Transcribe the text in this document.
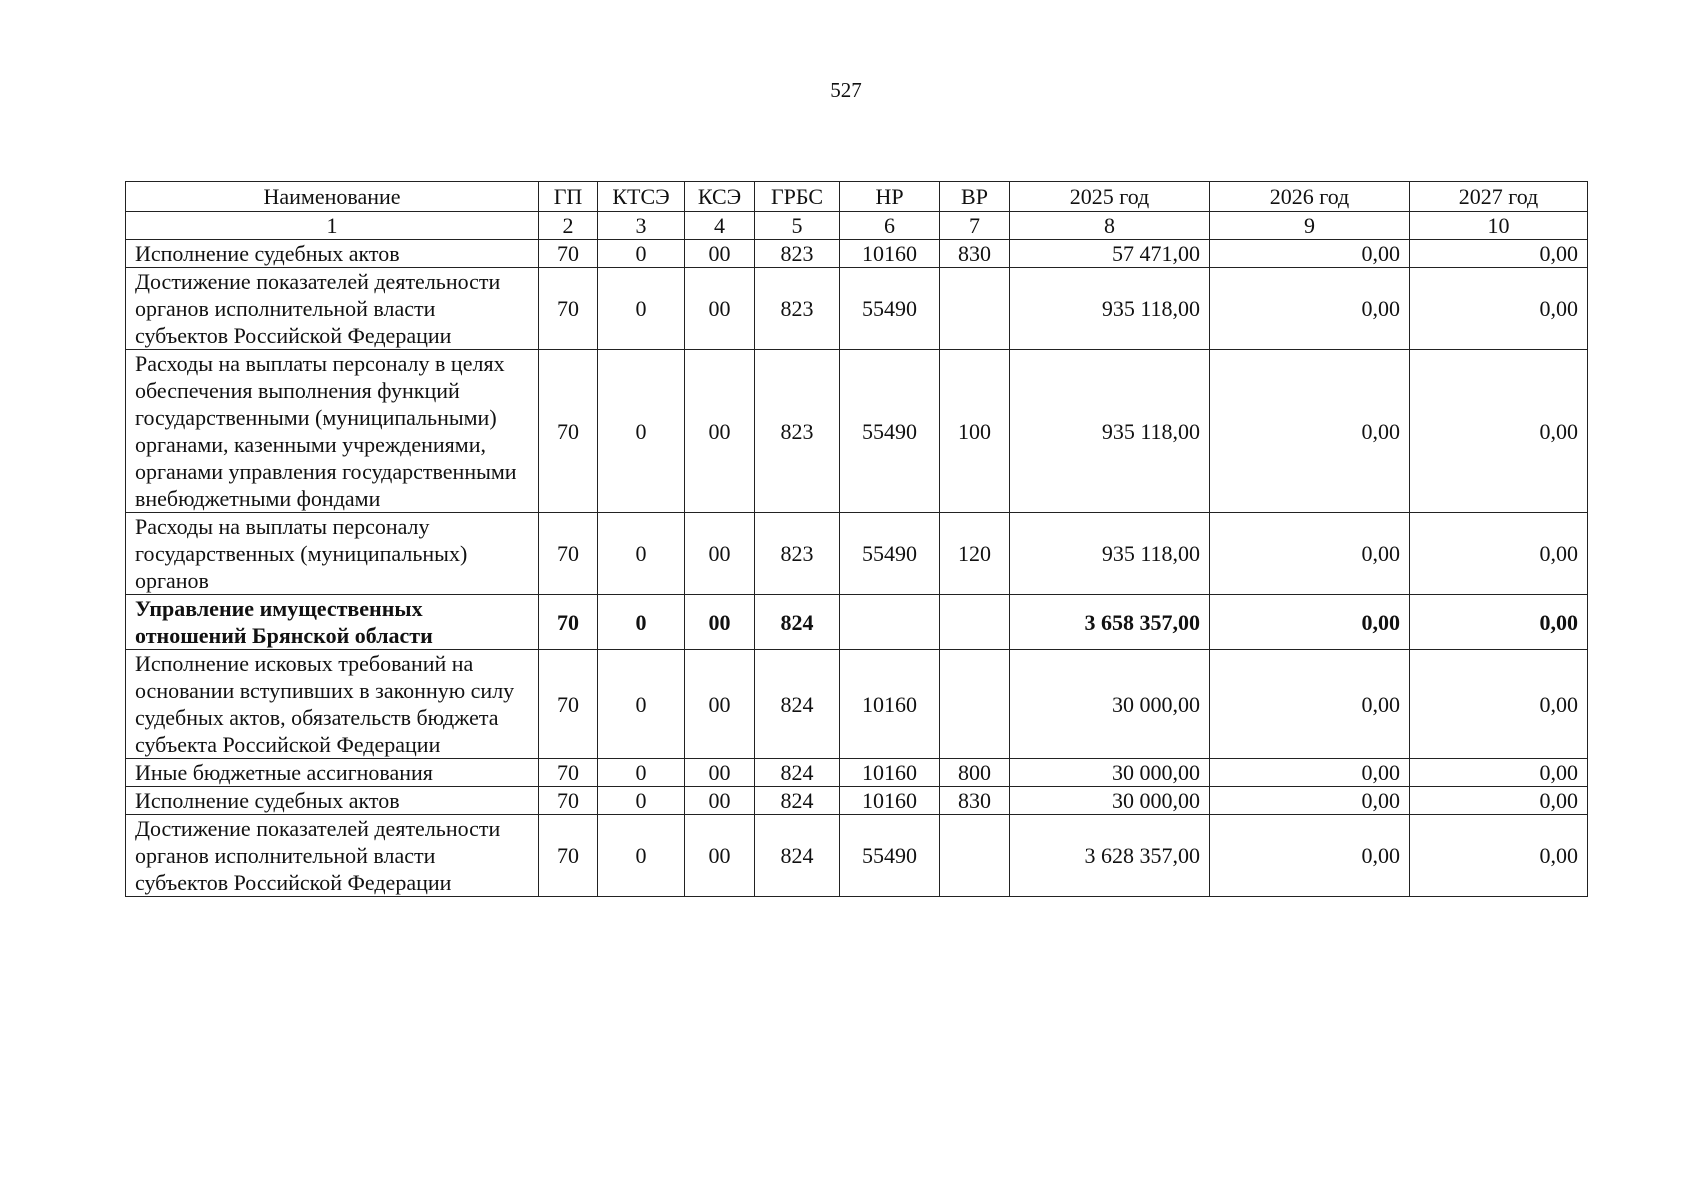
527
Наименование	ГП	КТСЭ	КСЭ	ГРБС	НР	ВР	2025 год	2026 год	2027 год
1	2	3	4	5	6	7	8	9	10
Исполнение судебных актов	70	0	00	823	10160	830	57 471,00	0,00	0,00
Достижение показателей деятельности органов исполнительной власти субъектов Российской Федерации	70	0	00	823	55490		935 118,00	0,00	0,00
Расходы на выплаты персоналу в целях обеспечения выполнения функций государственными (муниципальными) органами, казенными учреждениями, органами управления государственными внебюджетными фондами	70	0	00	823	55490	100	935 118,00	0,00	0,00
Расходы на выплаты персоналу государственных (муниципальных) органов	70	0	00	823	55490	120	935 118,00	0,00	0,00
Управление имущественных отношений Брянской области	70	0	00	824			3 658 357,00	0,00	0,00
Исполнение исковых требований на основании вступивших в законную силу судебных актов, обязательств бюджета субъекта Российской Федерации	70	0	00	824	10160		30 000,00	0,00	0,00
Иные бюджетные ассигнования	70	0	00	824	10160	800	30 000,00	0,00	0,00
Исполнение судебных актов	70	0	00	824	10160	830	30 000,00	0,00	0,00
Достижение показателей деятельности органов исполнительной власти субъектов Российской Федерации	70	0	00	824	55490		3 628 357,00	0,00	0,00
